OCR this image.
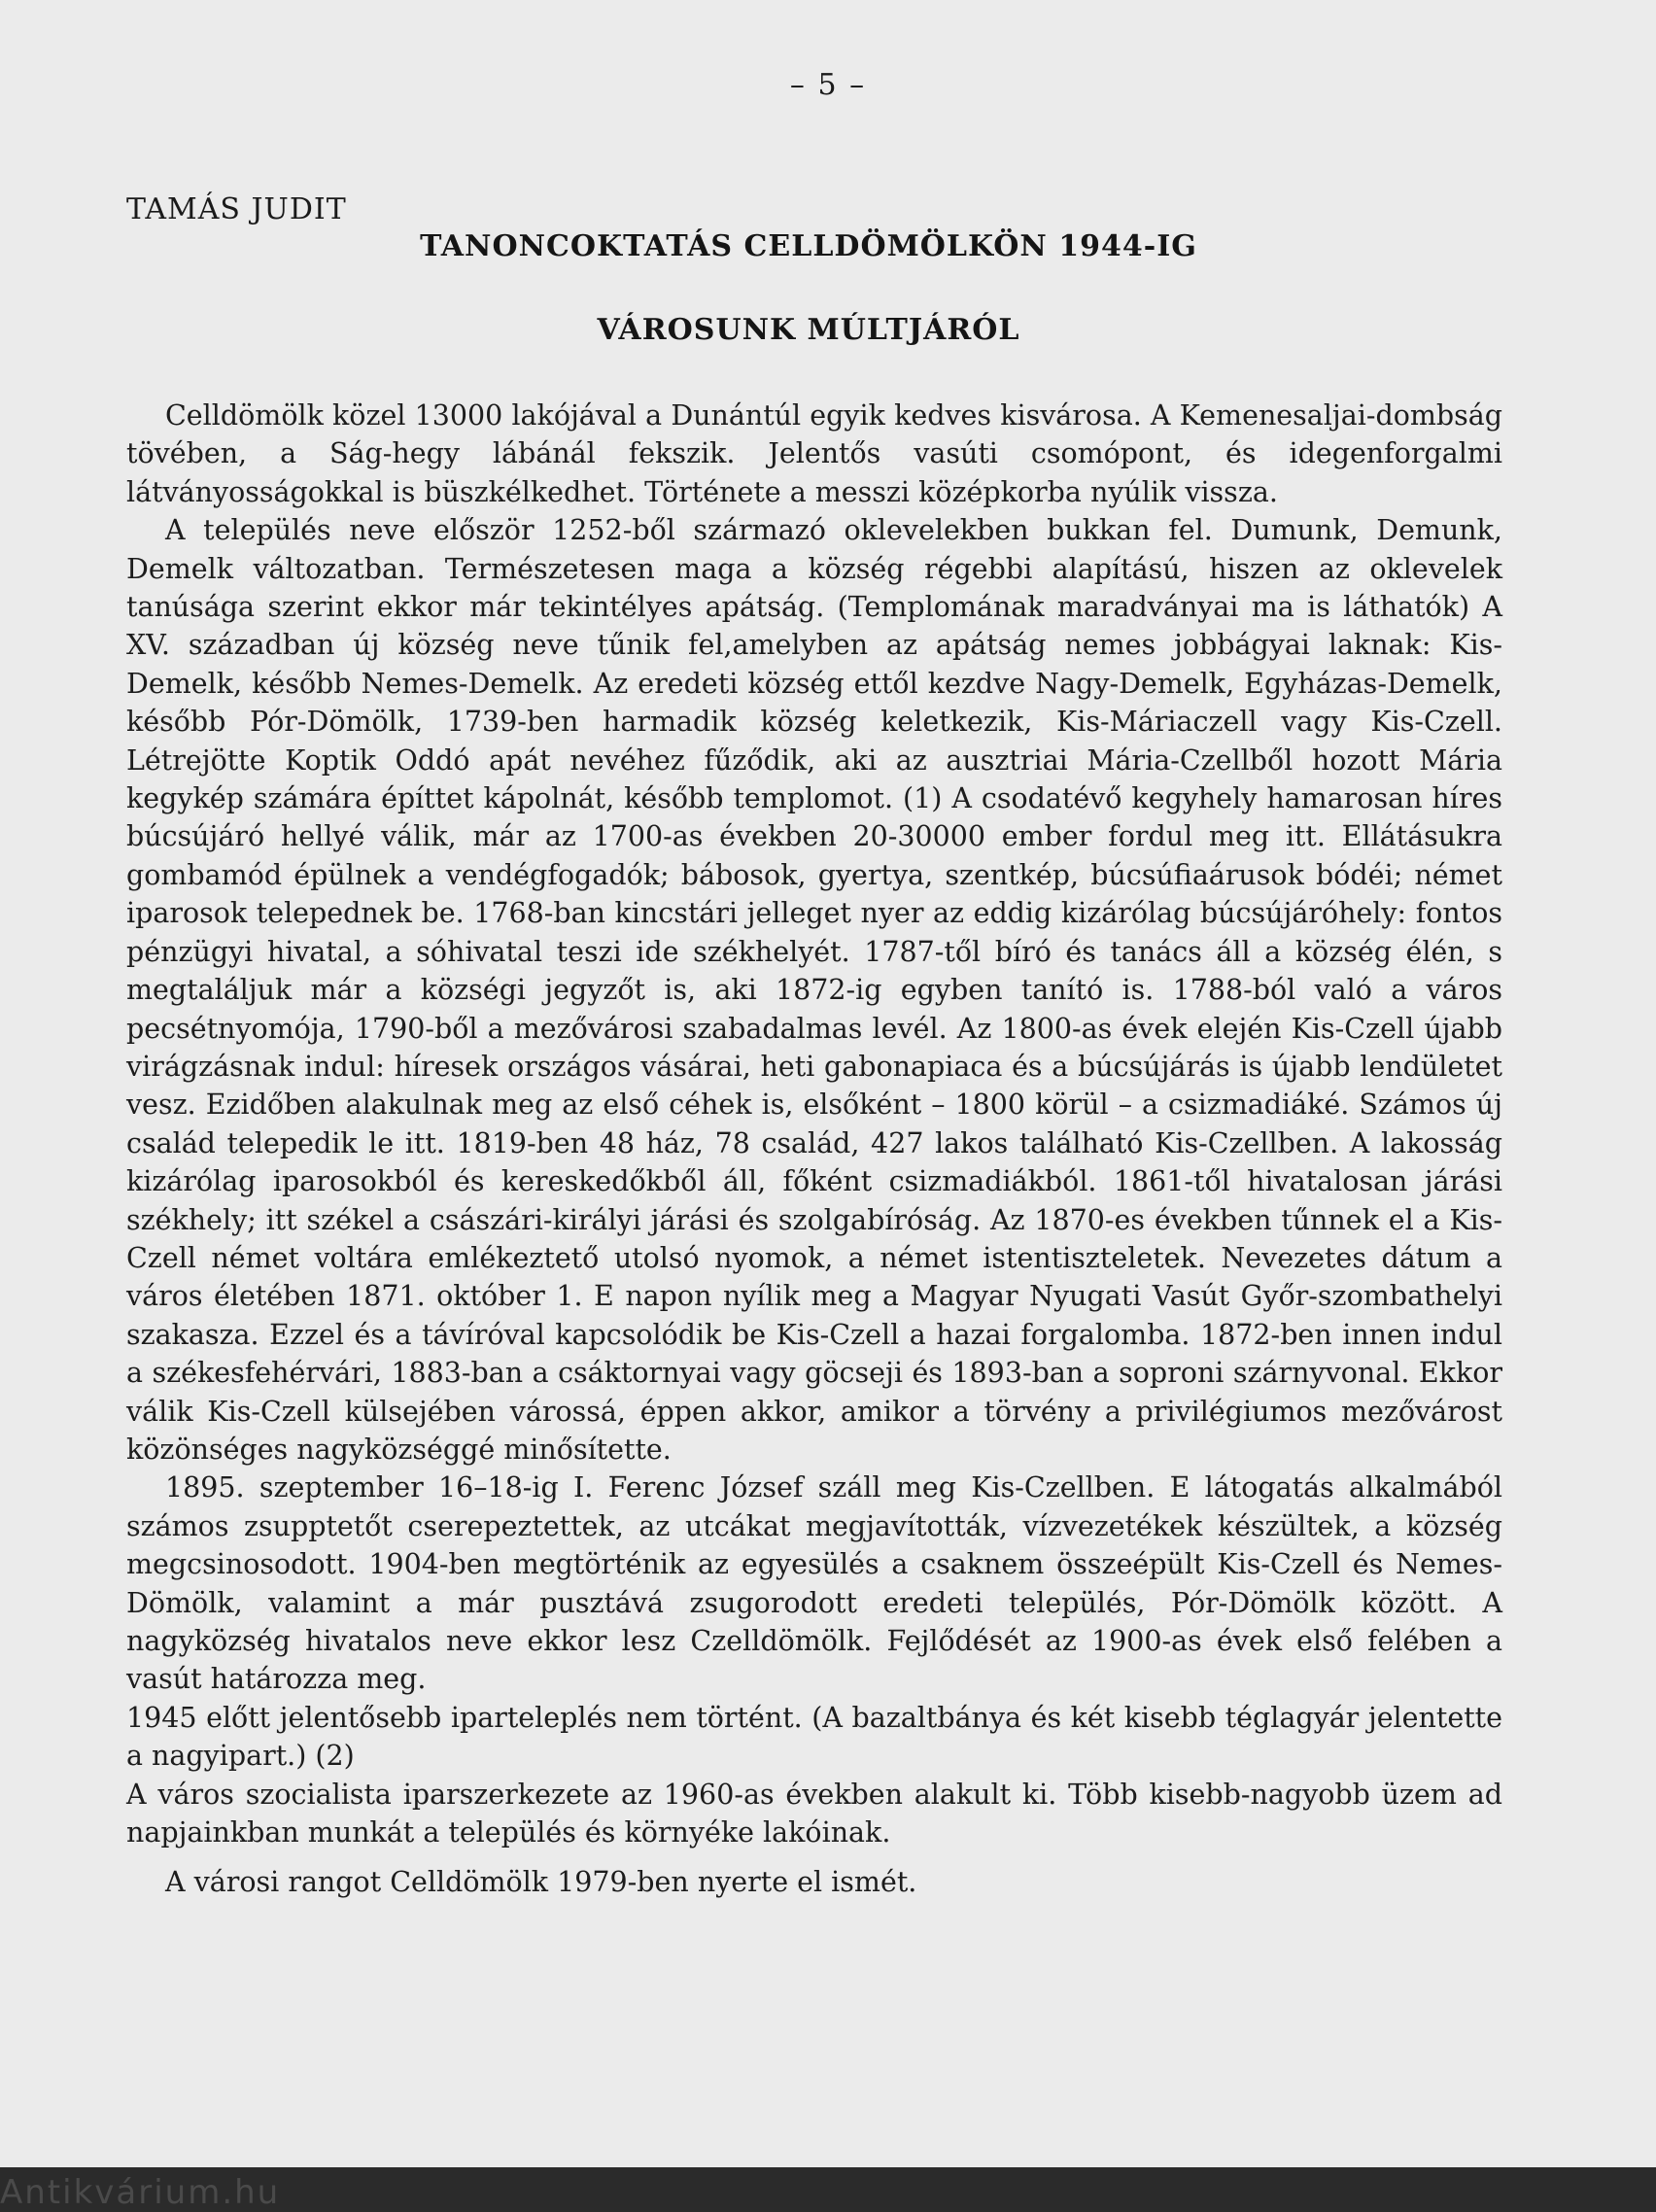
– 5 –
TAMÁS JUDIT
TANONCOKTATÁS CELLDÖMÖLKÖN 1944-IG
VÁROSUNK MÚLTJÁRÓL

Celldömölk közel 13000 lakójával a Dunántúl egyik kedves kisvárosa. A Kemenesaljai-dombság tövében, a Ság-hegy lábánál fekszik. Jelentős vasúti csomópont, és idegenforgalmi látványosságokkal is büszkélkedhet. Története a messzi középkorba nyúlik vissza.

A település neve először 1252-ből származó oklevelekben bukkan fel. Dumunk, Demunk, Demelk változatban. Természetesen maga a község régebbi alapítású, hiszen az oklevelek tanúsága szerint ekkor már tekintélyes apátság. (Templomának maradványai ma is láthatók) A XV. században új község neve tűnik fel,amelyben az apátság nemes jobbágyai laknak: Kis-Demelk, később Nemes-Demelk. Az eredeti község ettől kezdve Nagy-Demelk, Egyházas-Demelk, később Pór-Dömölk, 1739-ben harmadik község keletkezik, Kis-Máriaczell vagy Kis-Czell. Létrejötte Koptik Oddó apát nevéhez fűződik, aki az ausztriai Mária-Czellből hozott Mária kegykép számára építtet kápolnát, később templomot. (1) A csodatévő kegyhely hamarosan híres búcsújáró hellyé válik, már az 1700-as években 20-30000 ember fordul meg itt. Ellátásukra gombamód épülnek a vendégfogadók; bábosok, gyertya, szentkép, búcsúfiaárusok bódéi; német iparosok telepednek be. 1768-ban kincstári jelleget nyer az eddig kizárólag búcsújáróhely: fontos pénzügyi hivatal, a sóhivatal teszi ide székhelyét. 1787-től bíró és tanács áll a község élén, s megtaláljuk már a községi jegyzőt is, aki 1872-ig egyben tanító is. 1788-ból való a város pecsétnyomója, 1790-ből a mezővárosi szabadalmas levél. Az 1800-as évek elején Kis-Czell újabb virágzásnak indul: híresek országos vásárai, heti gabonapiaca és a búcsújárás is újabb lendületet vesz. Ezidőben alakulnak meg az első céhek is, elsőként – 1800 körül – a csizmadiáké. Számos új család telepedik le itt. 1819-ben 48 ház, 78 család, 427 lakos található Kis-Czellben. A lakosság kizárólag iparosokból és kereskedőkből áll, főként csizmadiákból. 1861-től hivatalosan járási székhely; itt székel a császári-királyi járási és szolgabíróság. Az 1870-es években tűnnek el a Kis-Czell német voltára emlékeztető utolsó nyomok, a német istentiszteletek. Nevezetes dátum a város életében 1871. október 1. E napon nyílik meg a Magyar Nyugati Vasút Győr-szombathelyi szakasza. Ezzel és a távíróval kapcsolódik be Kis-Czell a hazai forgalomba. 1872-ben innen indul a székesfehérvári, 1883-ban a csáktornyai vagy göcseji és 1893-ban a soproni szárnyvonal. Ekkor válik Kis-Czell külsejében várossá, éppen akkor, amikor a törvény a privilégiumos mezővárost közönséges nagyközséggé minősítette.

1895. szeptember 16–18-ig I. Ferenc József száll meg Kis-Czellben. E látogatás alkalmából számos zsupptetőt cserepeztettek, az utcákat megjavították, vízvezetékek készültek, a község megcsinosodott. 1904-ben megtörténik az egyesülés a csaknem összeépült Kis-Czell és Nemes-Dömölk, valamint a már pusztává zsugorodott eredeti település, Pór-Dömölk között. A nagyközség hivatalos neve ekkor lesz Czelldömölk. Fejlődését az 1900-as évek első felében a vasút határozza meg.

1945 előtt jelentősebb iparteleplés nem történt. (A bazaltbánya és két kisebb téglagyár jelentette a nagyipart.) (2)

A város szocialista iparszerkezete az 1960-as években alakult ki. Több kisebb-nagyobb üzem ad napjainkban munkát a település és környéke lakóinak.

A városi rangot Celldömölk 1979-ben nyerte el ismét.

Antikvárium.hu
